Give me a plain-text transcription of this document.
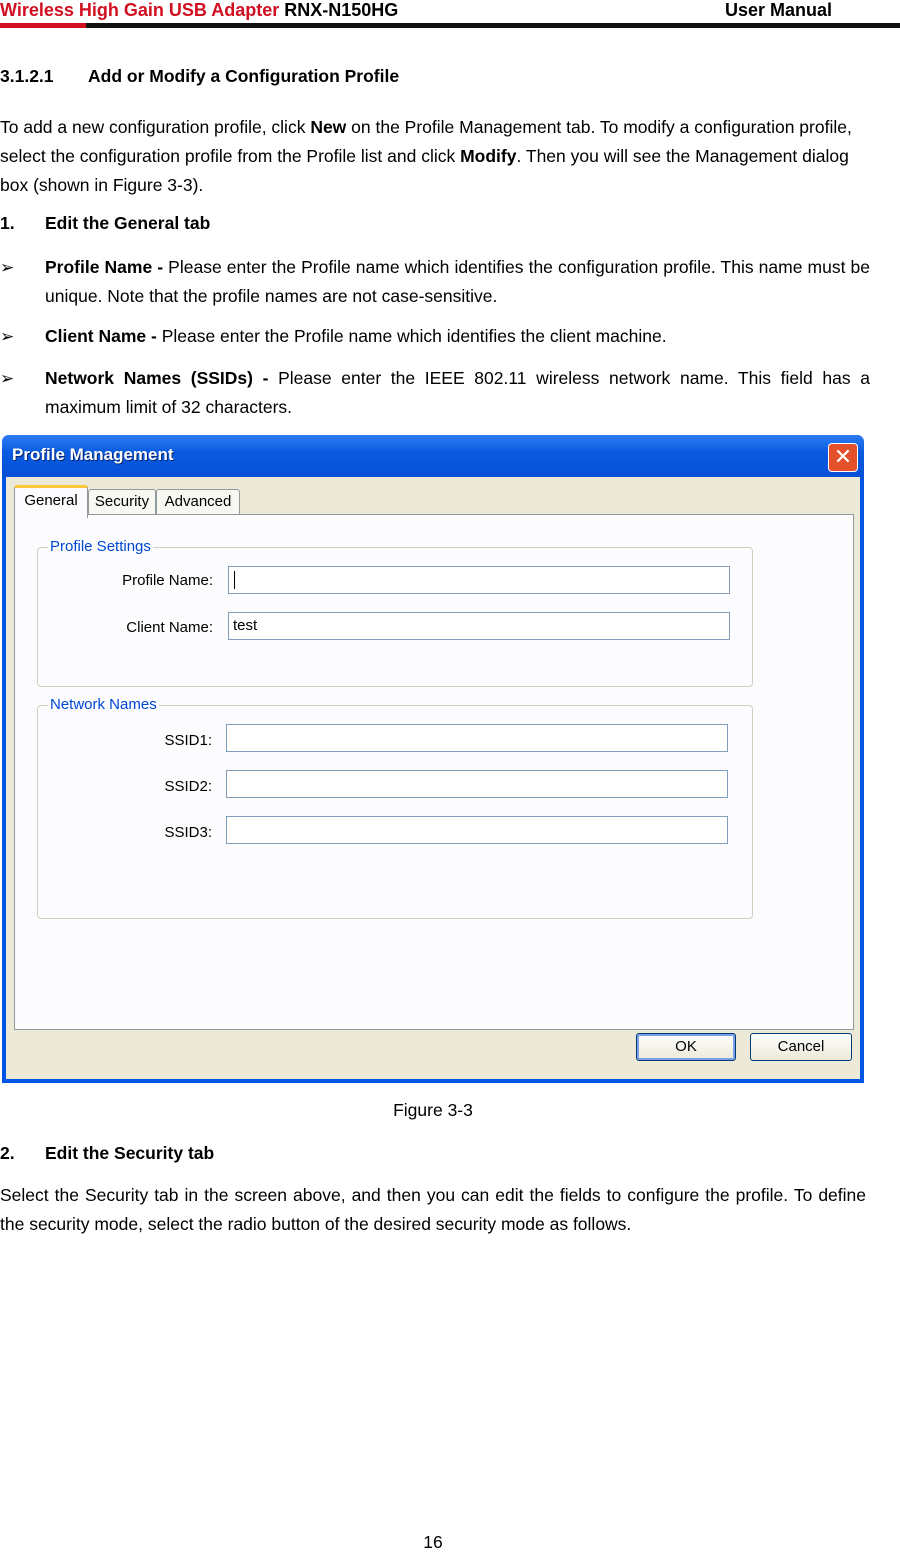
Wireless High Gain USB Adapter RNX-N150HG	User Manual
3.1.2.1 Add or Modify a Configuration Profile
To add a new configuration profile, click New on the Profile Management tab. To modify a configuration profile, select the configuration profile from the Profile list and click Modify. Then you will see the Management dialog box (shown in Figure 3-3).
1. Edit the General tab
➢	Profile Name - Please enter the Profile name which identifies the configuration profile. This name must be unique. Note that the profile names are not case-sensitive.
➢	Client Name - Please enter the Profile name which identifies the client machine.
➢	Network Names (SSIDs) - Please enter the IEEE 802.11 wireless network name. This field has a maximum limit of 32 characters.
Profile Management	✕
General	Security	Advanced
Profile Settings
Profile Name:
Client Name:	test
Network Names
SSID1:
SSID2:
SSID3:
OK	Cancel
Figure 3-3
2. Edit the Security tab
Select the Security tab in the screen above, and then you can edit the fields to configure the profile. To define the security mode, select the radio button of the desired security mode as follows.
16
